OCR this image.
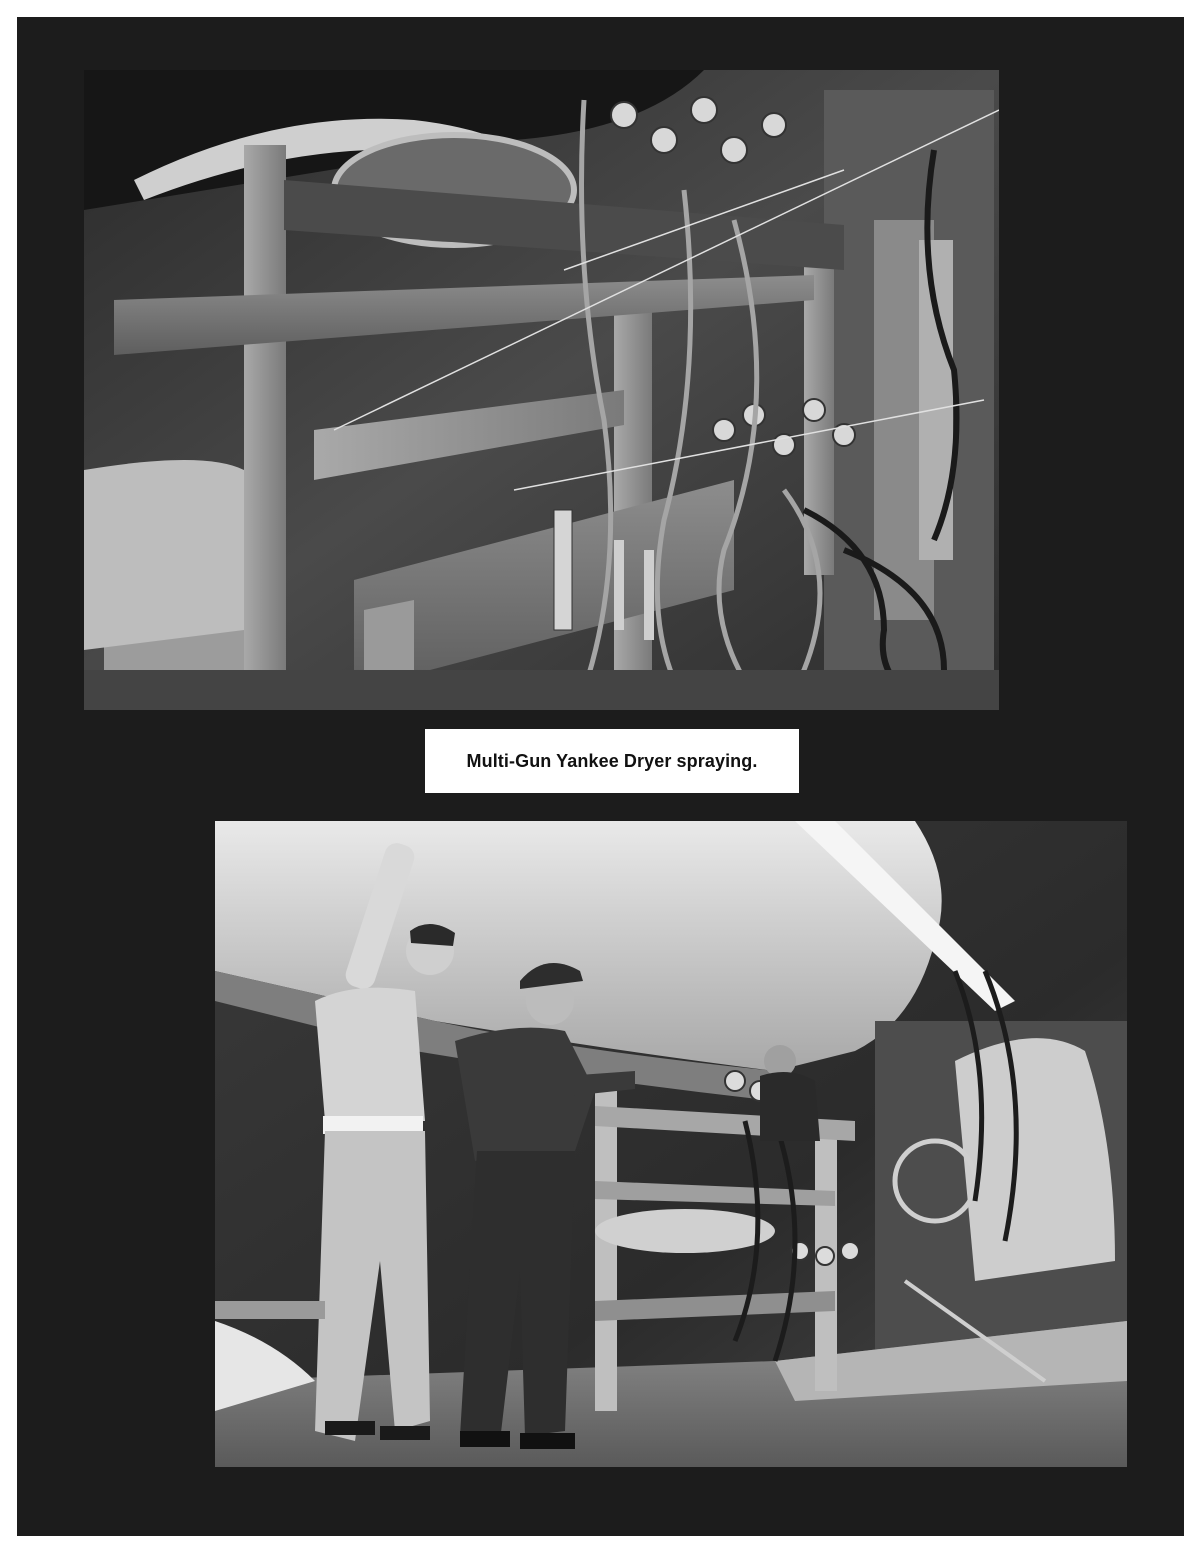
Multi-Gun Yankee Dryer spraying.
